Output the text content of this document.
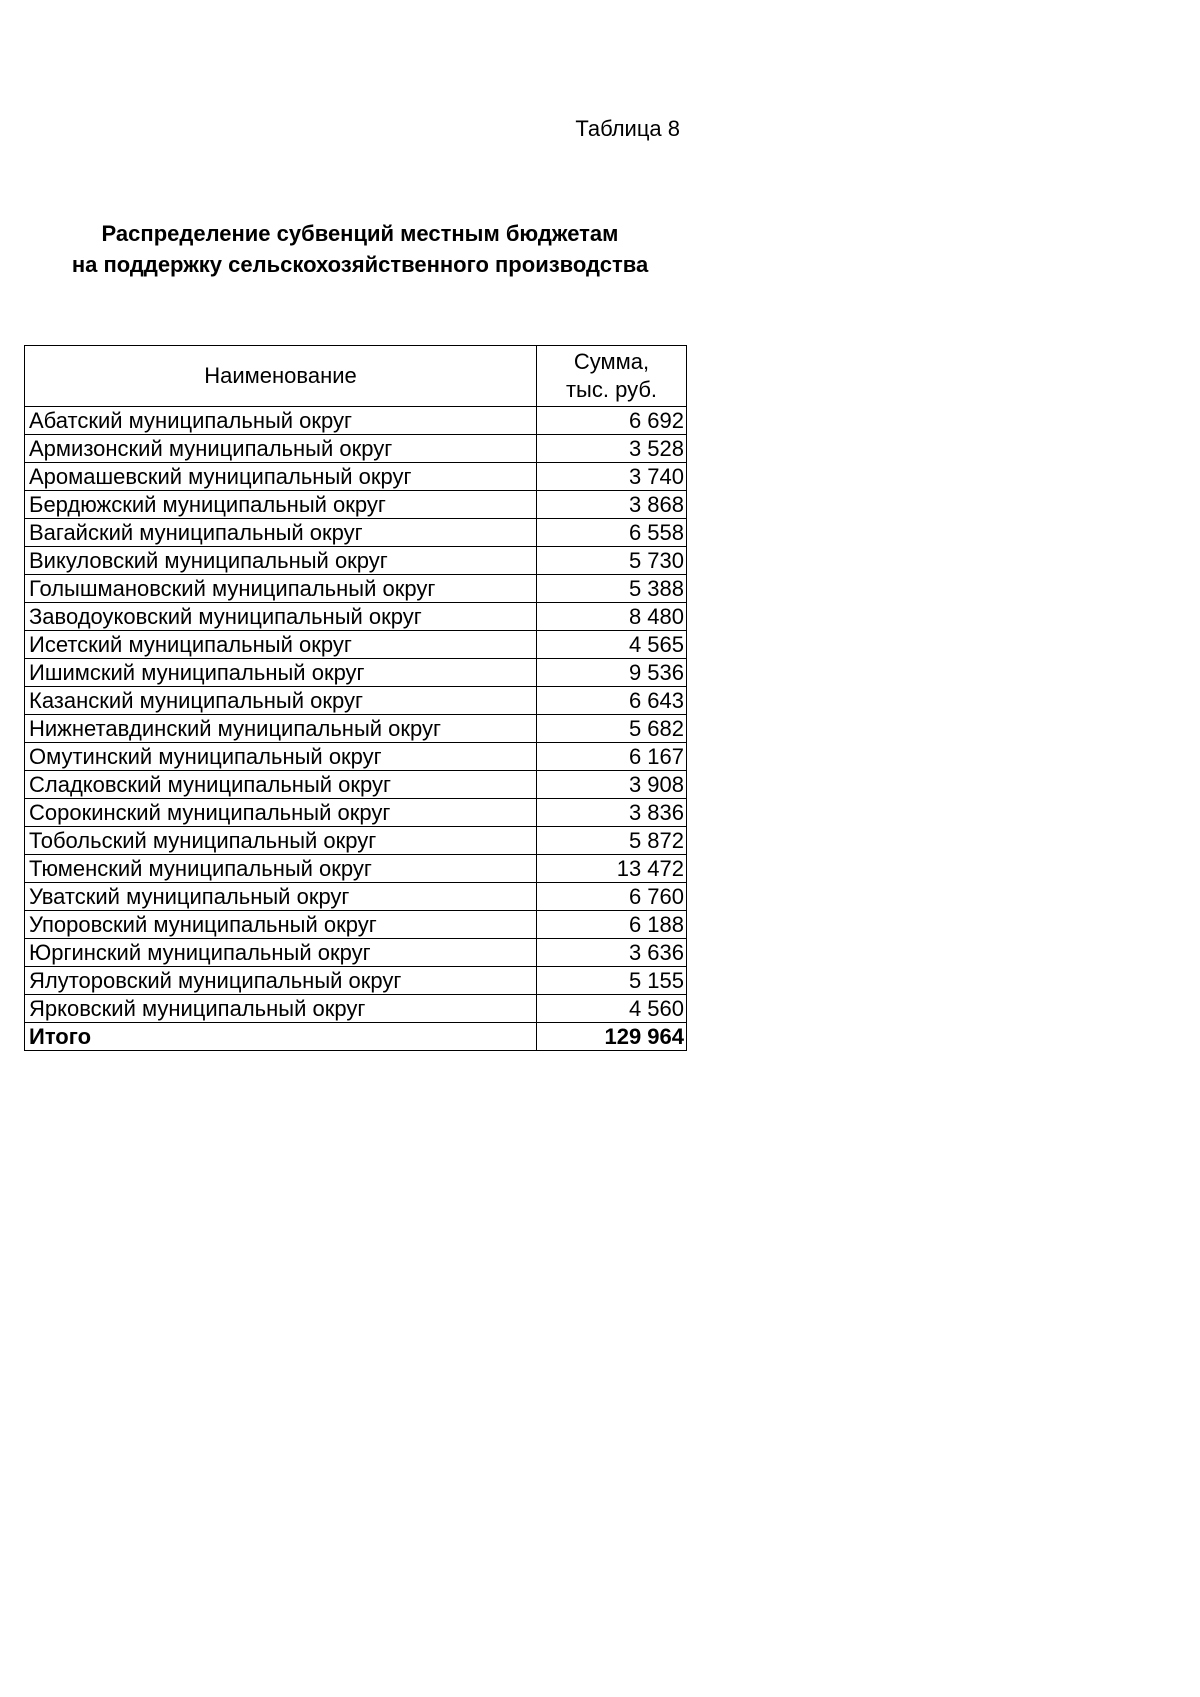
Таблица 8
Распределение субвенций местным бюджетам
на поддержку сельскохозяйственного производства
Наименование	Сумма,
тыс. руб.

Абатский муниципальный округ	6 692
Армизонский муниципальный округ	3 528
Аромашевский муниципальный округ	3 740
Бердюжский муниципальный округ	3 868
Вагайский муниципальный округ	6 558
Викуловский муниципальный округ	5 730
Голышмановский муниципальный округ	5 388
Заводоуковский муниципальный округ	8 480
Исетский муниципальный округ	4 565
Ишимский муниципальный округ	9 536
Казанский муниципальный округ	6 643
Нижнетавдинский муниципальный округ	5 682
Омутинский муниципальный округ	6 167
Сладковский муниципальный округ	3 908
Сорокинский муниципальный округ	3 836
Тобольский муниципальный округ	5 872
Тюменский муниципальный округ	13 472
Уватский муниципальный округ	6 760
Упоровский муниципальный округ	6 188
Юргинский муниципальный округ	3 636
Ялуторовский муниципальный округ	5 155
Ярковский муниципальный округ	4 560
Итого	129 964
